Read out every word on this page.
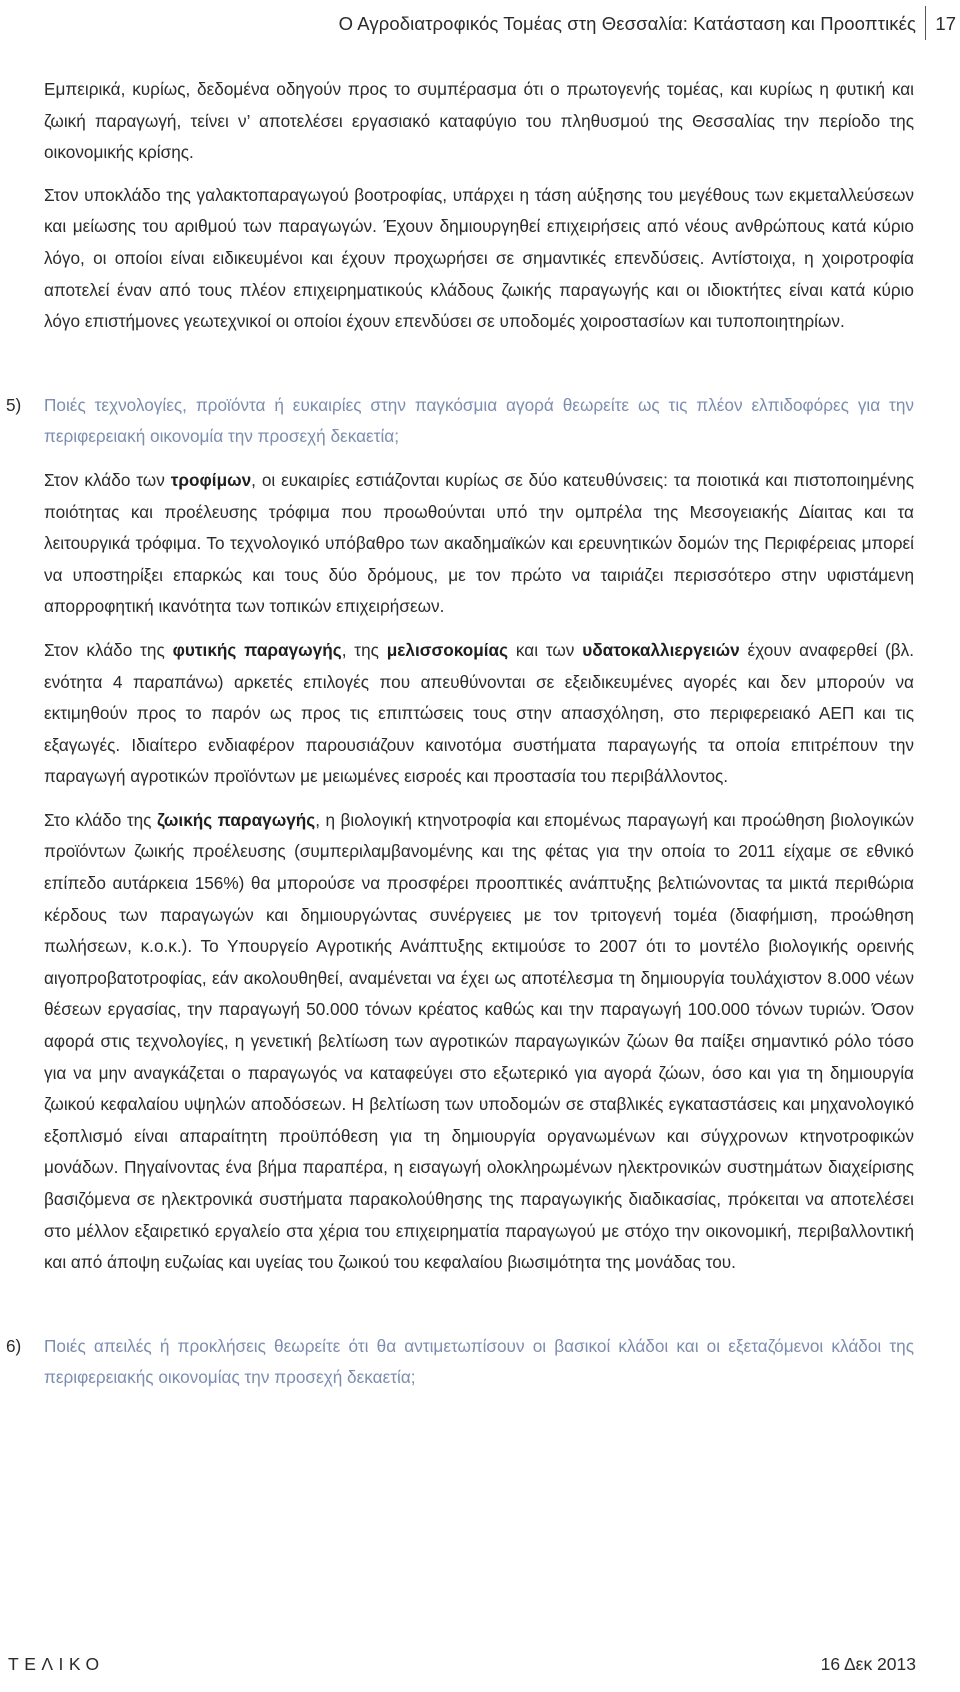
Ο Αγροδιατροφικός Τομέας στη Θεσσαλία: Κατάσταση και Προοπτικές 17

Εμπειρικά, κυρίως, δεδομένα οδηγούν προς το συμπέρασμα ότι ο πρωτογενής τομέας, και κυρίως η φυτική και ζωική παραγωγή, τείνει ν’ αποτελέσει εργασιακό καταφύγιο του πληθυσμού της Θεσσαλίας την περίοδο της οικονομικής κρίσης.

Στον υποκλάδο της γαλακτοπαραγωγού βοοτροφίας, υπάρχει η τάση αύξησης του μεγέθους των εκμεταλλεύσεων και μείωσης του αριθμού των παραγωγών. Έχουν δημιουργηθεί επιχειρήσεις από νέους ανθρώπους κατά κύριο λόγο, οι οποίοι είναι ειδικευμένοι και έχουν προχωρήσει σε σημαντικές επενδύσεις. Αντίστοιχα, η χοιροτροφία αποτελεί έναν από τους πλέον επιχειρηματικούς κλάδους ζωικής παραγωγής και οι ιδιοκτήτες είναι κατά κύριο λόγο επιστήμονες γεωτεχνικοί οι οποίοι έχουν επενδύσει σε υποδομές χοιροστασίων και τυποποιητηρίων.

5) Ποιές τεχνολογίες, προϊόντα ή ευκαιρίες στην παγκόσμια αγορά θεωρείτε ως τις πλέον ελπιδοφόρες για την περιφερειακή οικονομία την προσεχή δεκαετία;

Στον κλάδο των τροφίμων, οι ευκαιρίες εστιάζονται κυρίως σε δύο κατευθύνσεις: τα ποιοτικά και πιστοποιημένης ποιότητας και προέλευσης τρόφιμα που προωθούνται υπό την ομπρέλα της Μεσογειακής Δίαιτας και τα λειτουργικά τρόφιμα. Το τεχνολογικό υπόβαθρο των ακαδημαϊκών και ερευνητικών δομών της Περιφέρειας μπορεί να υποστηρίξει επαρκώς και τους δύο δρόμους, με τον πρώτο να ταιριάζει περισσότερο στην υφιστάμενη απορροφητική ικανότητα των τοπικών επιχειρήσεων.

Στον κλάδο της φυτικής παραγωγής, της μελισσοκομίας και των υδατοκαλλιεργειών έχουν αναφερθεί (βλ. ενότητα 4 παραπάνω) αρκετές επιλογές που απευθύνονται σε εξειδικευμένες αγορές και δεν μπορούν να εκτιμηθούν προς το παρόν ως προς τις επιπτώσεις τους στην απασχόληση, στο περιφερειακό ΑΕΠ και τις εξαγωγές. Ιδιαίτερο ενδιαφέρον παρουσιάζουν καινοτόμα συστήματα παραγωγής τα οποία επιτρέπουν την παραγωγή αγροτικών προϊόντων με μειωμένες εισροές και προστασία του περιβάλλοντος.

Στο κλάδο της ζωικής παραγωγής, η βιολογική κτηνοτροφία και επομένως παραγωγή και προώθηση βιολογικών προϊόντων ζωικής προέλευσης (συμπεριλαμβανομένης και της φέτας για την οποία το 2011 είχαμε σε εθνικό επίπεδο αυτάρκεια 156%) θα μπορούσε να προσφέρει προοπτικές ανάπτυξης βελτιώνοντας τα μικτά περιθώρια κέρδους των παραγωγών και δημιουργώντας συνέργειες με τον τριτογενή τομέα (διαφήμιση, προώθηση πωλήσεων, κ.ο.κ.). Το Υπουργείο Αγροτικής Ανάπτυξης εκτιμούσε το 2007 ότι το μοντέλο βιολογικής ορεινής αιγοπροβατοτροφίας, εάν ακολουθηθεί, αναμένεται να έχει ως αποτέλεσμα τη δημιουργία τουλάχιστον 8.000 νέων θέσεων εργασίας, την παραγωγή 50.000 τόνων κρέατος καθώς και την παραγωγή 100.000 τόνων τυριών. Όσον αφορά στις τεχνολογίες, η γενετική βελτίωση των αγροτικών παραγωγικών ζώων θα παίξει σημαντικό ρόλο τόσο για να μην αναγκάζεται ο παραγωγός να καταφεύγει στο εξωτερικό για αγορά ζώων, όσο και για τη δημιουργία ζωικού κεφαλαίου υψηλών αποδόσεων. Η βελτίωση των υποδομών σε σταβλικές εγκαταστάσεις και μηχανολογικό εξοπλισμό είναι απαραίτητη προϋπόθεση για τη δημιουργία οργανωμένων και σύγχρονων κτηνοτροφικών μονάδων. Πηγαίνοντας ένα βήμα παραπέρα, η εισαγωγή ολοκληρωμένων ηλεκτρονικών συστημάτων διαχείρισης βασιζόμενα σε ηλεκτρονικά συστήματα παρακολούθησης της παραγωγικής διαδικασίας, πρόκειται να αποτελέσει στο μέλλον εξαιρετικό εργαλείο στα χέρια του επιχειρηματία παραγωγού με στόχο την οικονομική, περιβαλλοντική και από άποψη ευζωίας και υγείας του ζωικού του κεφαλαίου βιωσιμότητα της μονάδας του.

6) Ποιές απειλές ή προκλήσεις θεωρείτε ότι θα αντιμετωπίσουν οι βασικοί κλάδοι και οι εξεταζόμενοι κλάδοι της περιφερειακής οικονομίας την προσεχή δεκαετία;

ΤΕΛΙΚΟ	16 Δεκ 2013
